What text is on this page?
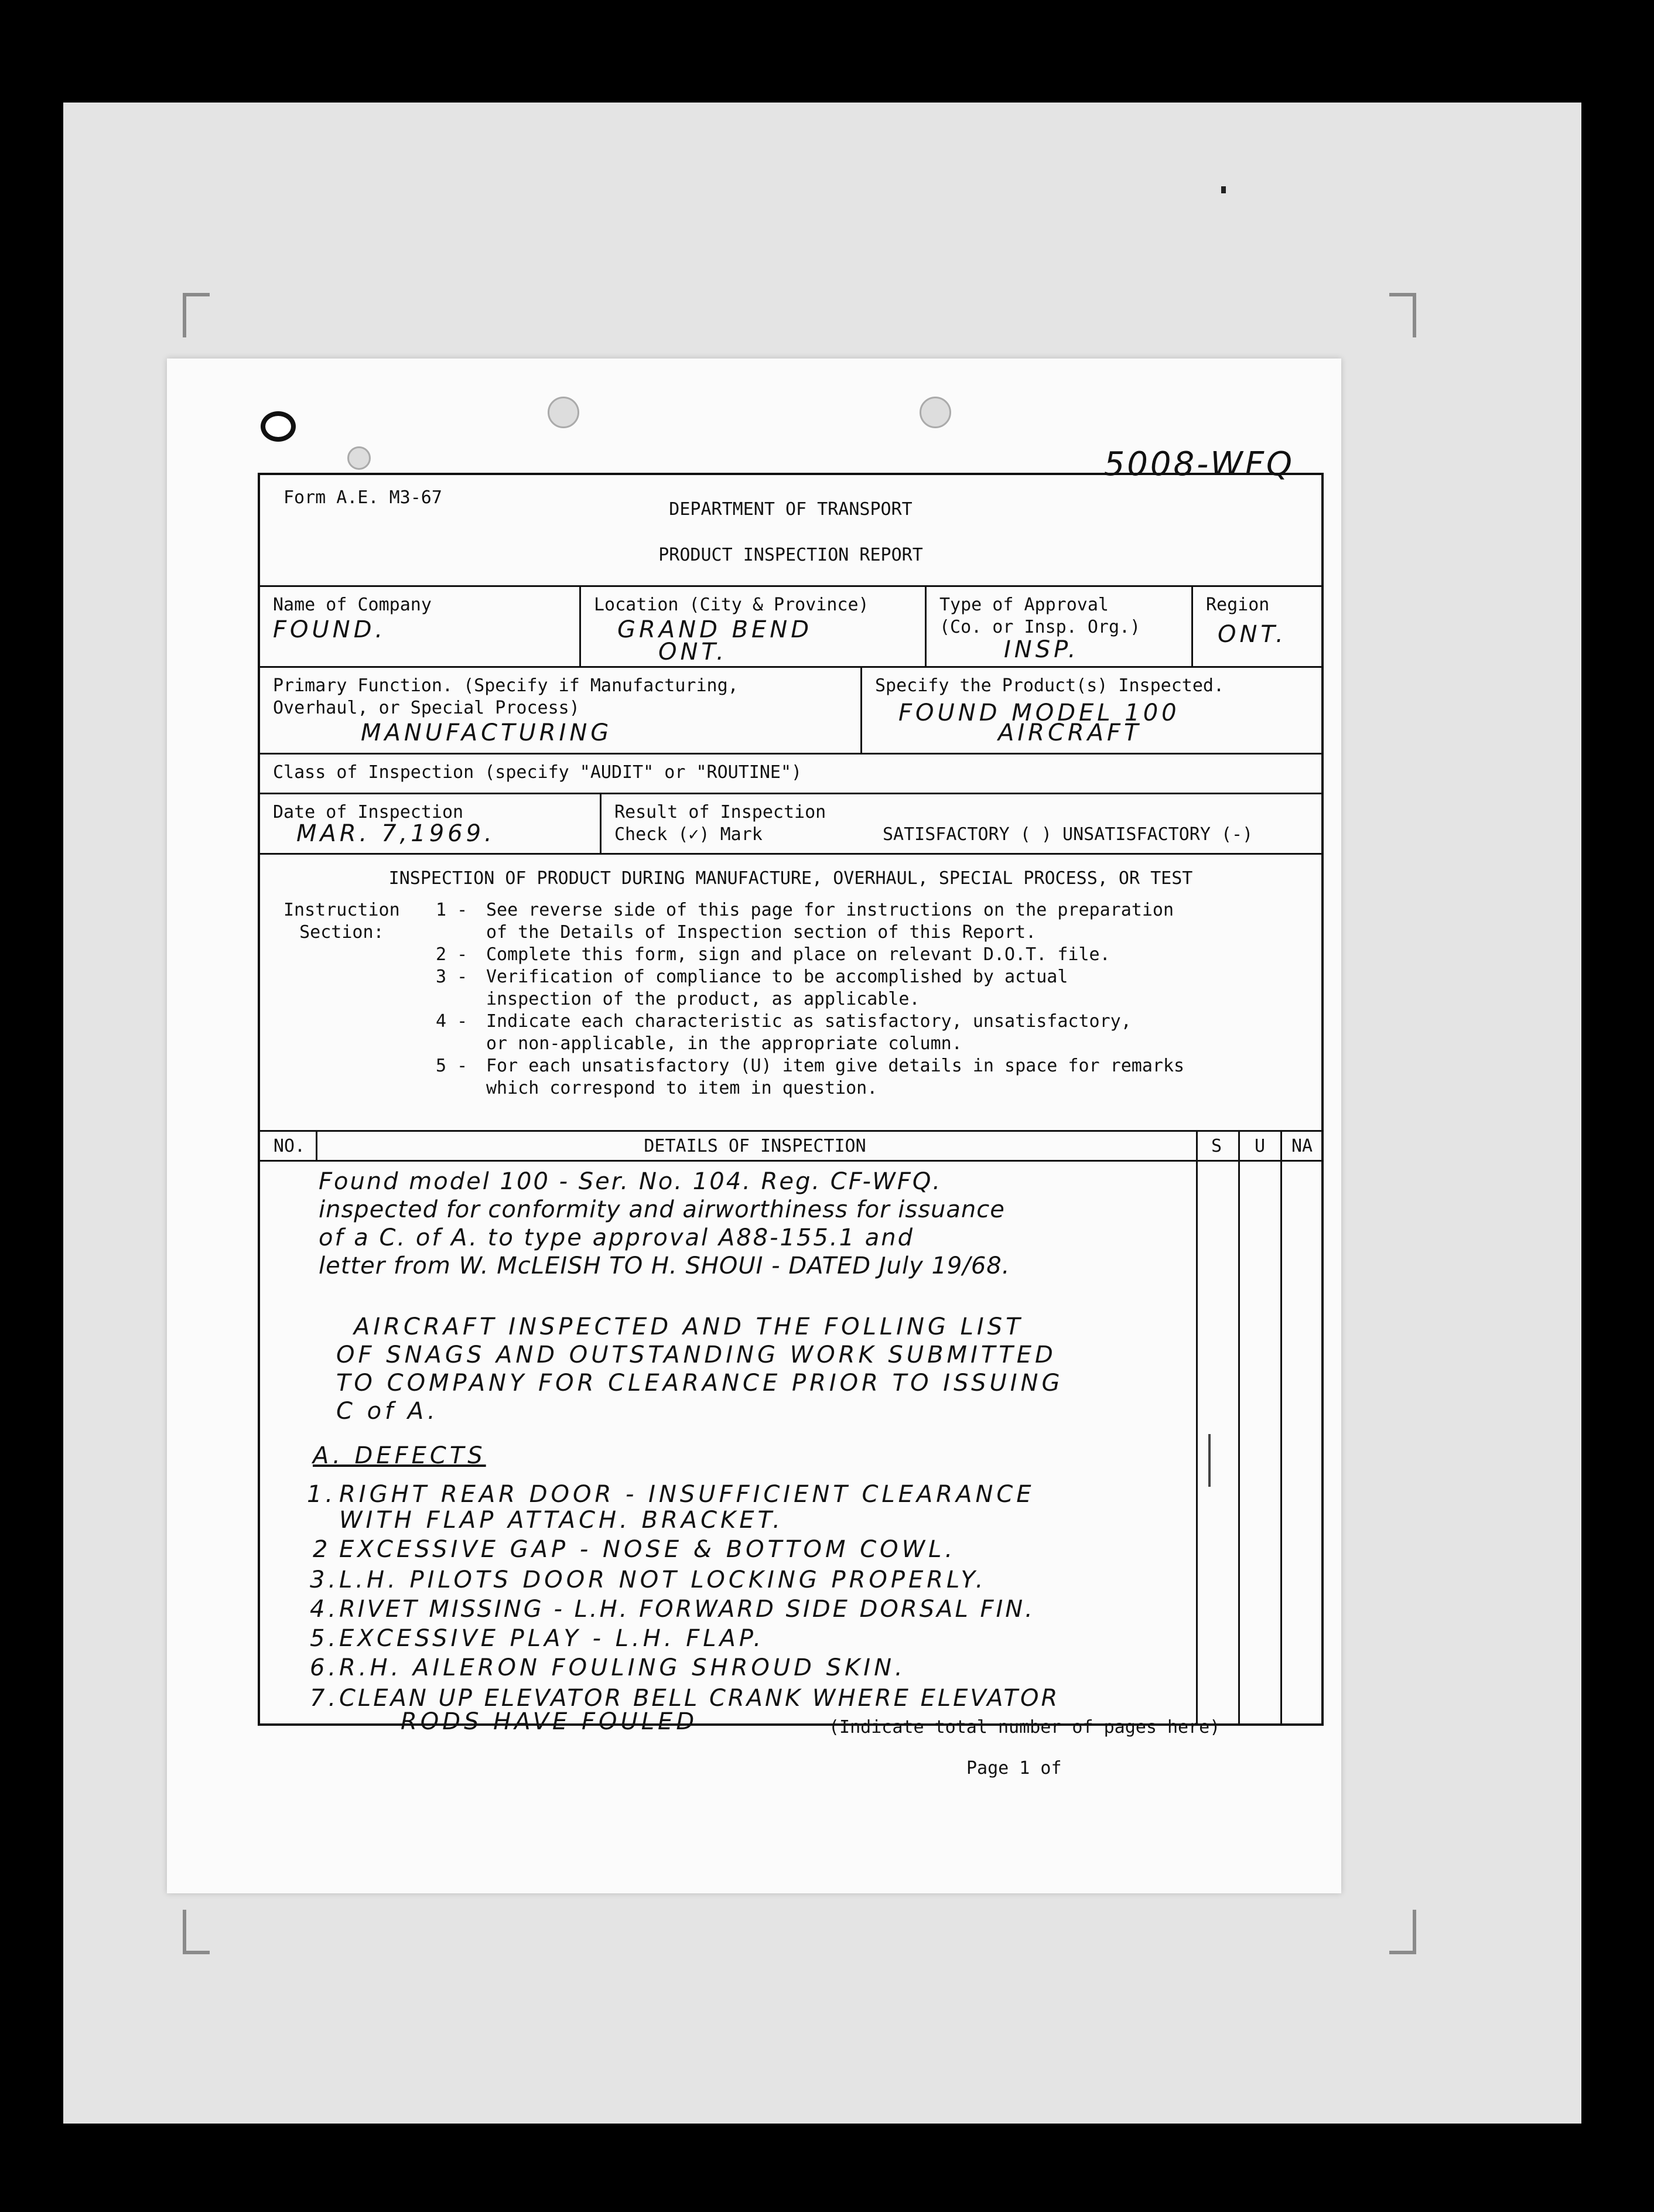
5008-WFQ
Form A.E. M3-67
DEPARTMENT OF TRANSPORT
PRODUCT INSPECTION REPORT
Name of Company
FOUND.
Location (City & Province)
GRAND BEND
ONT.
Type of Approval
(Co. or Insp. Org.)
INSP.
Region
ONT.
Primary Function. (Specify if Manufacturing,
Overhaul, or Special Process)
MANUFACTURING
Specify the Product(s) Inspected.
FOUND MODEL 100
AIRCRAFT
Class of Inspection (specify "AUDIT" or "ROUTINE")
Date of Inspection
MAR. 7,1969.
Result of Inspection
Check (✓) Mark	SATISFACTORY ( ) UNSATISFACTORY (-)
INSPECTION OF PRODUCT DURING MANUFACTURE, OVERHAUL, SPECIAL PROCESS, OR TEST
Instruction
Section:
1 - See reverse side of this page for instructions on the preparation
of the Details of Inspection section of this Report.
2 - Complete this form, sign and place on relevant D.O.T. file.
3 - Verification of compliance to be accomplished by actual
inspection of the product, as applicable.
4 - Indicate each characteristic as satisfactory, unsatisfactory,
or non-applicable, in the appropriate column.
5 - For each unsatisfactory (U) item give details in space for remarks
which correspond to item in question.
NO.	DETAILS OF INSPECTION	S	U	NA
Found model 100 - Ser. No. 104. Reg. CF-WFQ.
inspected for conformity and airworthiness for issuance
of a C. of A. to type approval A88-155.1 and
letter from W. McLEISH TO H. SHOUI - DATED July 19/68.
AIRCRAFT INSPECTED AND THE FOLLING LIST
OF SNAGS AND OUTSTANDING WORK SUBMITTED
TO COMPANY FOR CLEARANCE PRIOR TO ISSUING
C of A.
A. DEFECTS
1. RIGHT REAR DOOR - INSUFFICIENT CLEARANCE
WITH FLAP ATTACH. BRACKET.
2 EXCESSIVE GAP - NOSE & BOTTOM COWL.
3. L.H. PILOTS DOOR NOT LOCKING PROPERLY.
4. RIVET MISSING - L.H. FORWARD SIDE DORSAL FIN.
5. EXCESSIVE PLAY - L.H. FLAP.
6. R.H. AILERON FOULING SHROUD SKIN.
7. CLEAN UP ELEVATOR BELL CRANK WHERE ELEVATOR
RODS HAVE FOULED	(Indicate total number of pages here)
Page 1 of
